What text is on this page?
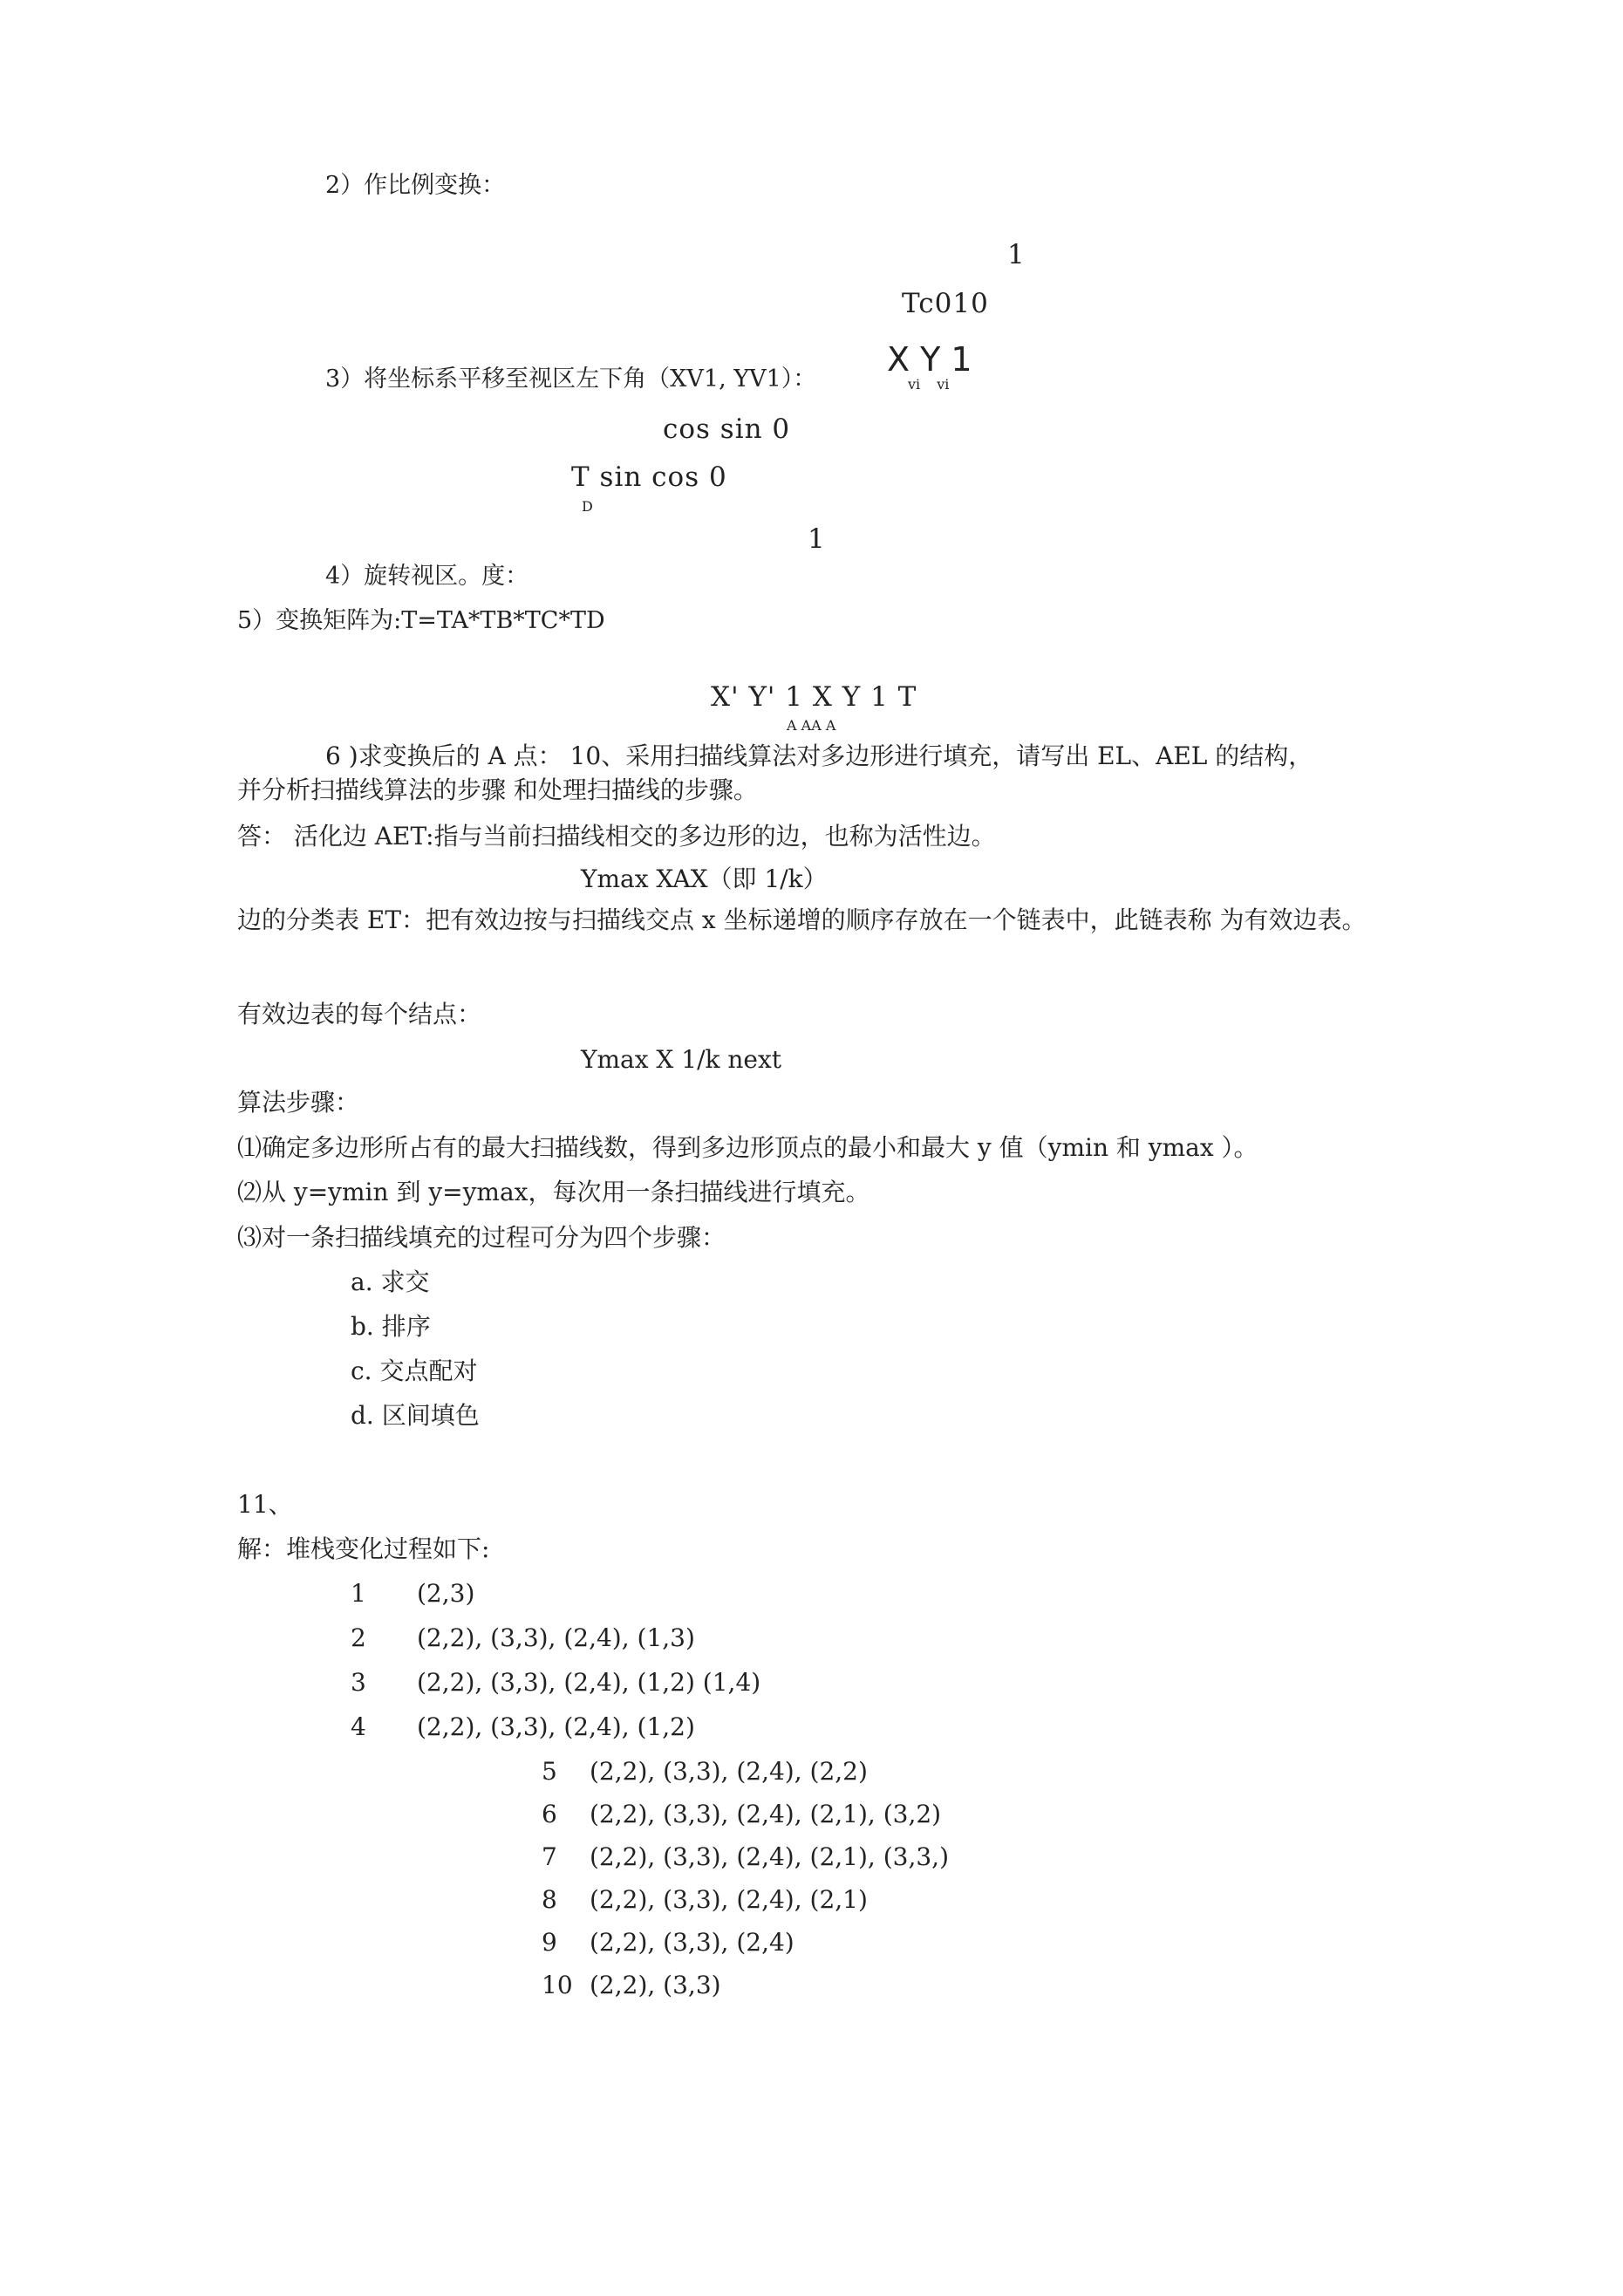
2）作比例变换：
1
Tc010
3）将坐标系平移至视区左下角（XV1, YV1）：
X Y 1
vi vi
cos sin 0
T sin cos 0
D
1
4）旋转视区。度：
5）变换矩阵为:T=TA*TB*TC*TD
X' Y' 1 X Y 1 T
A AA A
6 )求变换后的 A 点： 10、采用扫描线算法对多边形进行填充，请写出 EL、AEL 的结构，
并分析扫描线算法的步骤 和处理扫描线的步骤。
答： 活化边 AET:指与当前扫描线相交的多边形的边，也称为活性边。
Ymax XAX（即 1/k）
边的分类表 ET：把有效边按与扫描线交点 x 坐标递增的顺序存放在一个链表中，此链表称 为有效边表。
有效边表的每个结点：
Ymax X 1/k next
算法步骤：
⑴确定多边形所占有的最大扫描线数，得到多边形顶点的最小和最大 y 值（ymin 和 ymax ）。
⑵从 y=ymin 到 y=ymax，每次用一条扫描线进行填充。
⑶对一条扫描线填充的过程可分为四个步骤：
a. 求交
b. 排序
c. 交点配对
d. 区间填色
11、
解：堆栈变化过程如下:
1 (2,3)
2 (2,2), (3,3), (2,4), (1,3)
3 (2,2), (3,3), (2,4), (1,2) (1,4)
4 (2,2), (3,3), (2,4), (1,2)
5 (2,2), (3,3), (2,4), (2,2)
6 (2,2), (3,3), (2,4), (2,1), (3,2)
7 (2,2), (3,3), (2,4), (2,1), (3,3,)
8 (2,2), (3,3), (2,4), (2,1)
9 (2,2), (3,3), (2,4)
10 (2,2), (3,3)
